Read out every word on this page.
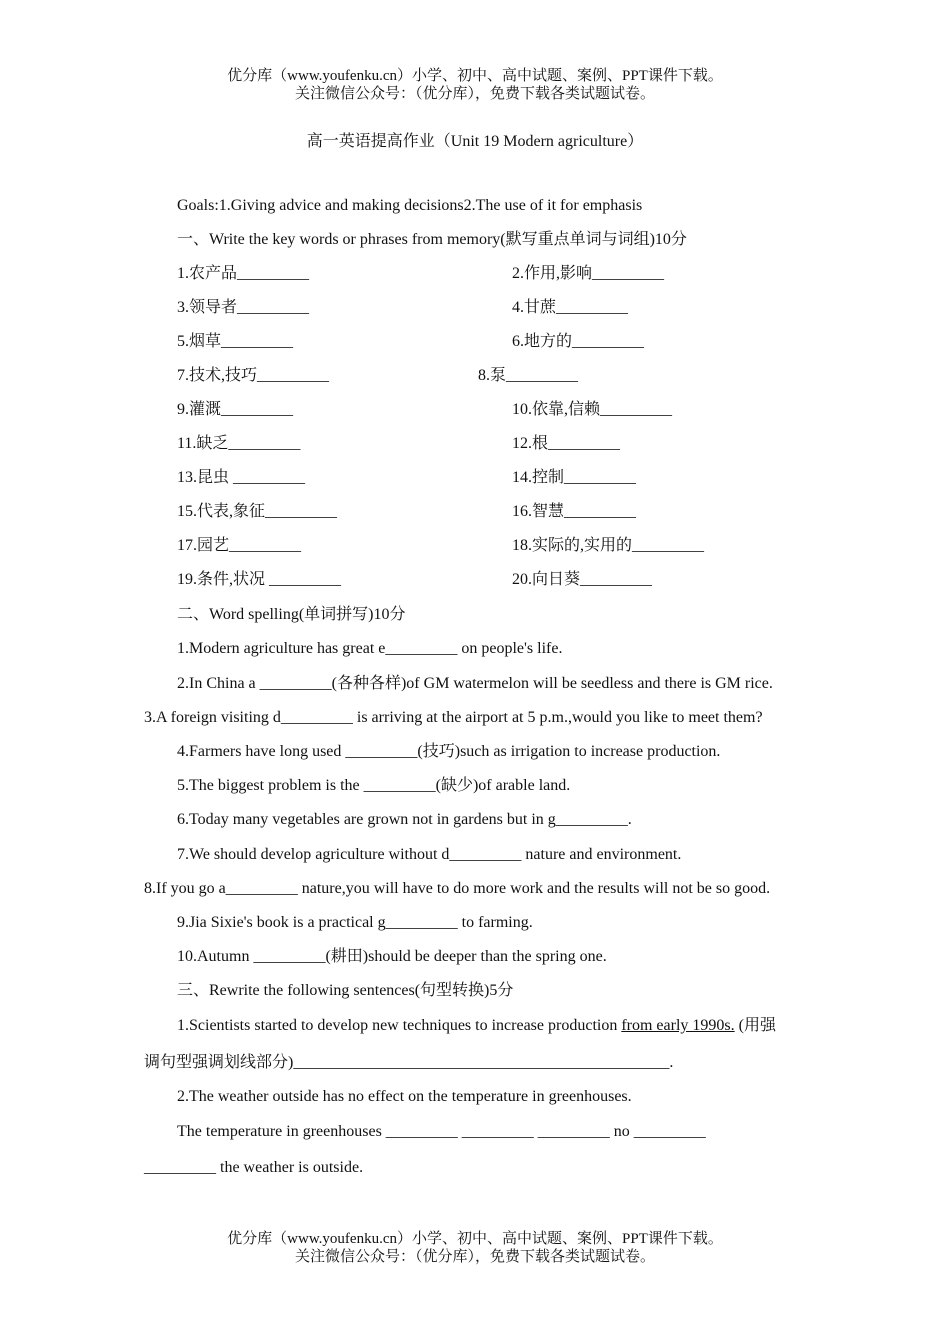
优分库（www.youfenku.cn）小学、初中、高中试题、案例、PPT课件下载。
关注微信公众号：（优分库），免费下载各类试题试卷。
高一英语提高作业（Unit 19 Modern agriculture）
Goals:1.Giving advice and making decisions2.The use of it for emphasis
一、Write the key words or phrases from memory(默写重点单词与词组)10分
1.农产品_________	2.作用,影响_________
3.领导者_________	4.甘蔗_________
5.烟草_________	6.地方的_________
7.技术,技巧_________	8.泵_________
9.灌溉_________	10.依靠,信赖_________
11.缺乏_________	12.根_________
13.昆虫 _________	14.控制_________
15.代表,象征_________	16.智慧_________
17.园艺_________	18.实际的,实用的_________
19.条件,状况 _________	20.向日葵_________
二、Word spelling(单词拼写)10分
1.Modern agriculture has great e_________ on people's life.
2.In China a _________(各种各样)of GM watermelon will be seedless and there is GM rice.
3.A foreign visiting d_________ is arriving at the airport at 5 p.m.,would you like to meet them?
4.Farmers have long used _________(技巧)such as irrigation to increase production.
5.The biggest problem is the _________(缺少)of arable land.
6.Today many vegetables are grown not in gardens but in g_________.
7.We should develop agriculture without d_________ nature and environment.
8.If you go a_________ nature,you will have to do more work and the results will not be so good.
9.Jia Sixie's book is a practical g_________ to farming.
10.Autumn _________(耕田)should be deeper than the spring one.
三、Rewrite the following sentences(句型转换)5分
1.Scientists started to develop new techniques to increase production from early 1990s. (用强
调句型强调划线部分)_______________________________________________.
2.The weather outside has no effect on the temperature in greenhouses.
The temperature in greenhouses _________ _________ _________ no _________
_________ the weather is outside.
优分库（www.youfenku.cn）小学、初中、高中试题、案例、PPT课件下载。
关注微信公众号：（优分库），免费下载各类试题试卷。
